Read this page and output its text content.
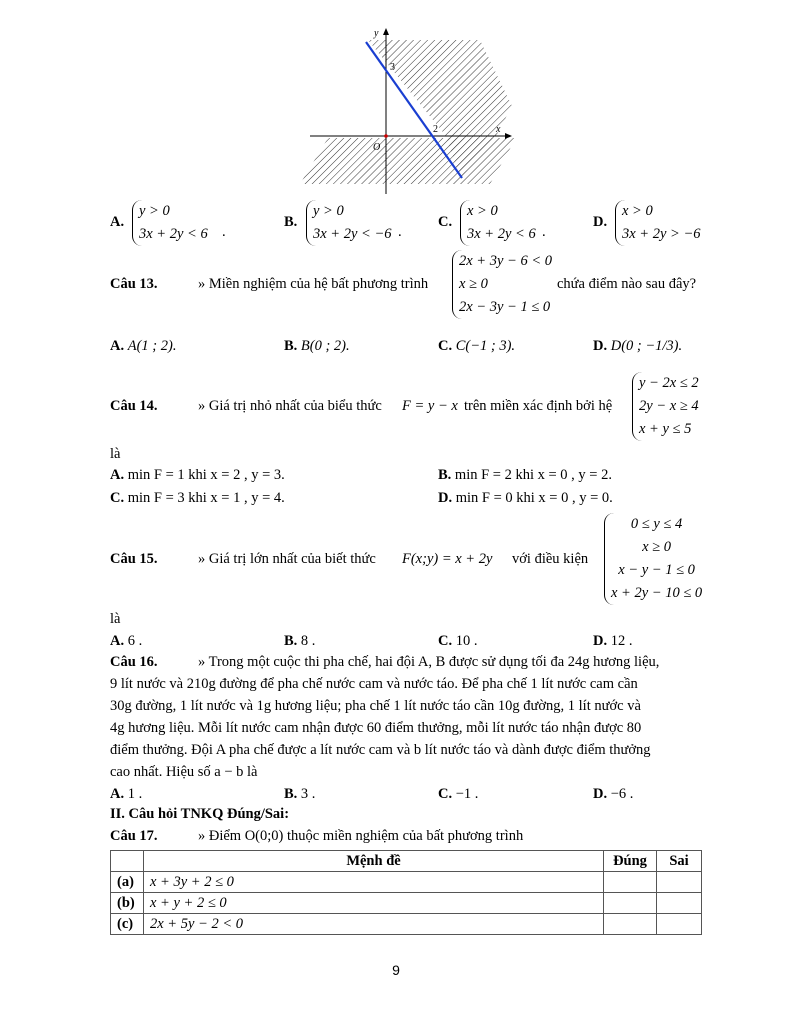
y
x
O
3
2
A.
y > 0
3x + 2y < 6 .
B.
y > 0
3x + 2y < −6 .
C.
x > 0
3x + 2y < 6 .
D.
x > 0
3x + 2y > −6
Câu 13.	» Miền nghiệm của hệ bất phương trình
2x + 3y − 6 < 0
x ≥ 0
2x − 3y − 1 ≤ 0
chứa điểm nào sau đây?
A. A(1 ; 2).	B. B(0 ; 2).	C. C(−1 ; 3).	D. D(0 ; −1/3).
Câu 14.	» Giá trị nhỏ nhất của biểu thức F = y − x trên miền xác định bởi hệ
y − 2x ≤ 2
2y − x ≥ 4
x + y ≤ 5
là
A. min F = 1 khi x = 2 , y = 3.	B. min F = 2 khi x = 0 , y = 2.
C. min F = 3 khi x = 1 , y = 4.	D. min F = 0 khi x = 0 , y = 0.
Câu 15.	» Giá trị lớn nhất của biết thức F(x;y) = x + 2y với điều kiện
0 ≤ y ≤ 4
x ≥ 0
x − y − 1 ≤ 0
x + 2y − 10 ≤ 0
là
A. 6 .	B. 8 .	C. 10 .	D. 12 .
Câu 16.	» Trong một cuộc thi pha chế, hai đội A, B được sử dụng tối đa 24g hương liệu,
9 lít nước và 210g đường để pha chế nước cam và nước táo. Để pha chế 1 lít nước cam cần
30g đường, 1 lít nước và 1g hương liệu; pha chế 1 lít nước táo cần 10g đường, 1 lít nước và
4g hương liệu. Mỗi lít nước cam nhận được 60 điểm thưởng, mỗi lít nước táo nhận được 80
điểm thưởng. Đội A pha chế được a lít nước cam và b lít nước táo và dành được điểm thưởng
cao nhất. Hiệu số a − b là
A. 1 .	B. 3 .	C. −1 .	D. −6 .
II. Câu hỏi TNKQ Đúng/Sai:
Câu 17.	» Điểm O(0;0) thuộc miền nghiệm của bất phương trình
	Mệnh đề	Đúng	Sai
(a)	x + 3y + 2 ≤ 0		
(b)	x + y + 2 ≤ 0		
(c)	2x + 5y − 2 < 0		
9
